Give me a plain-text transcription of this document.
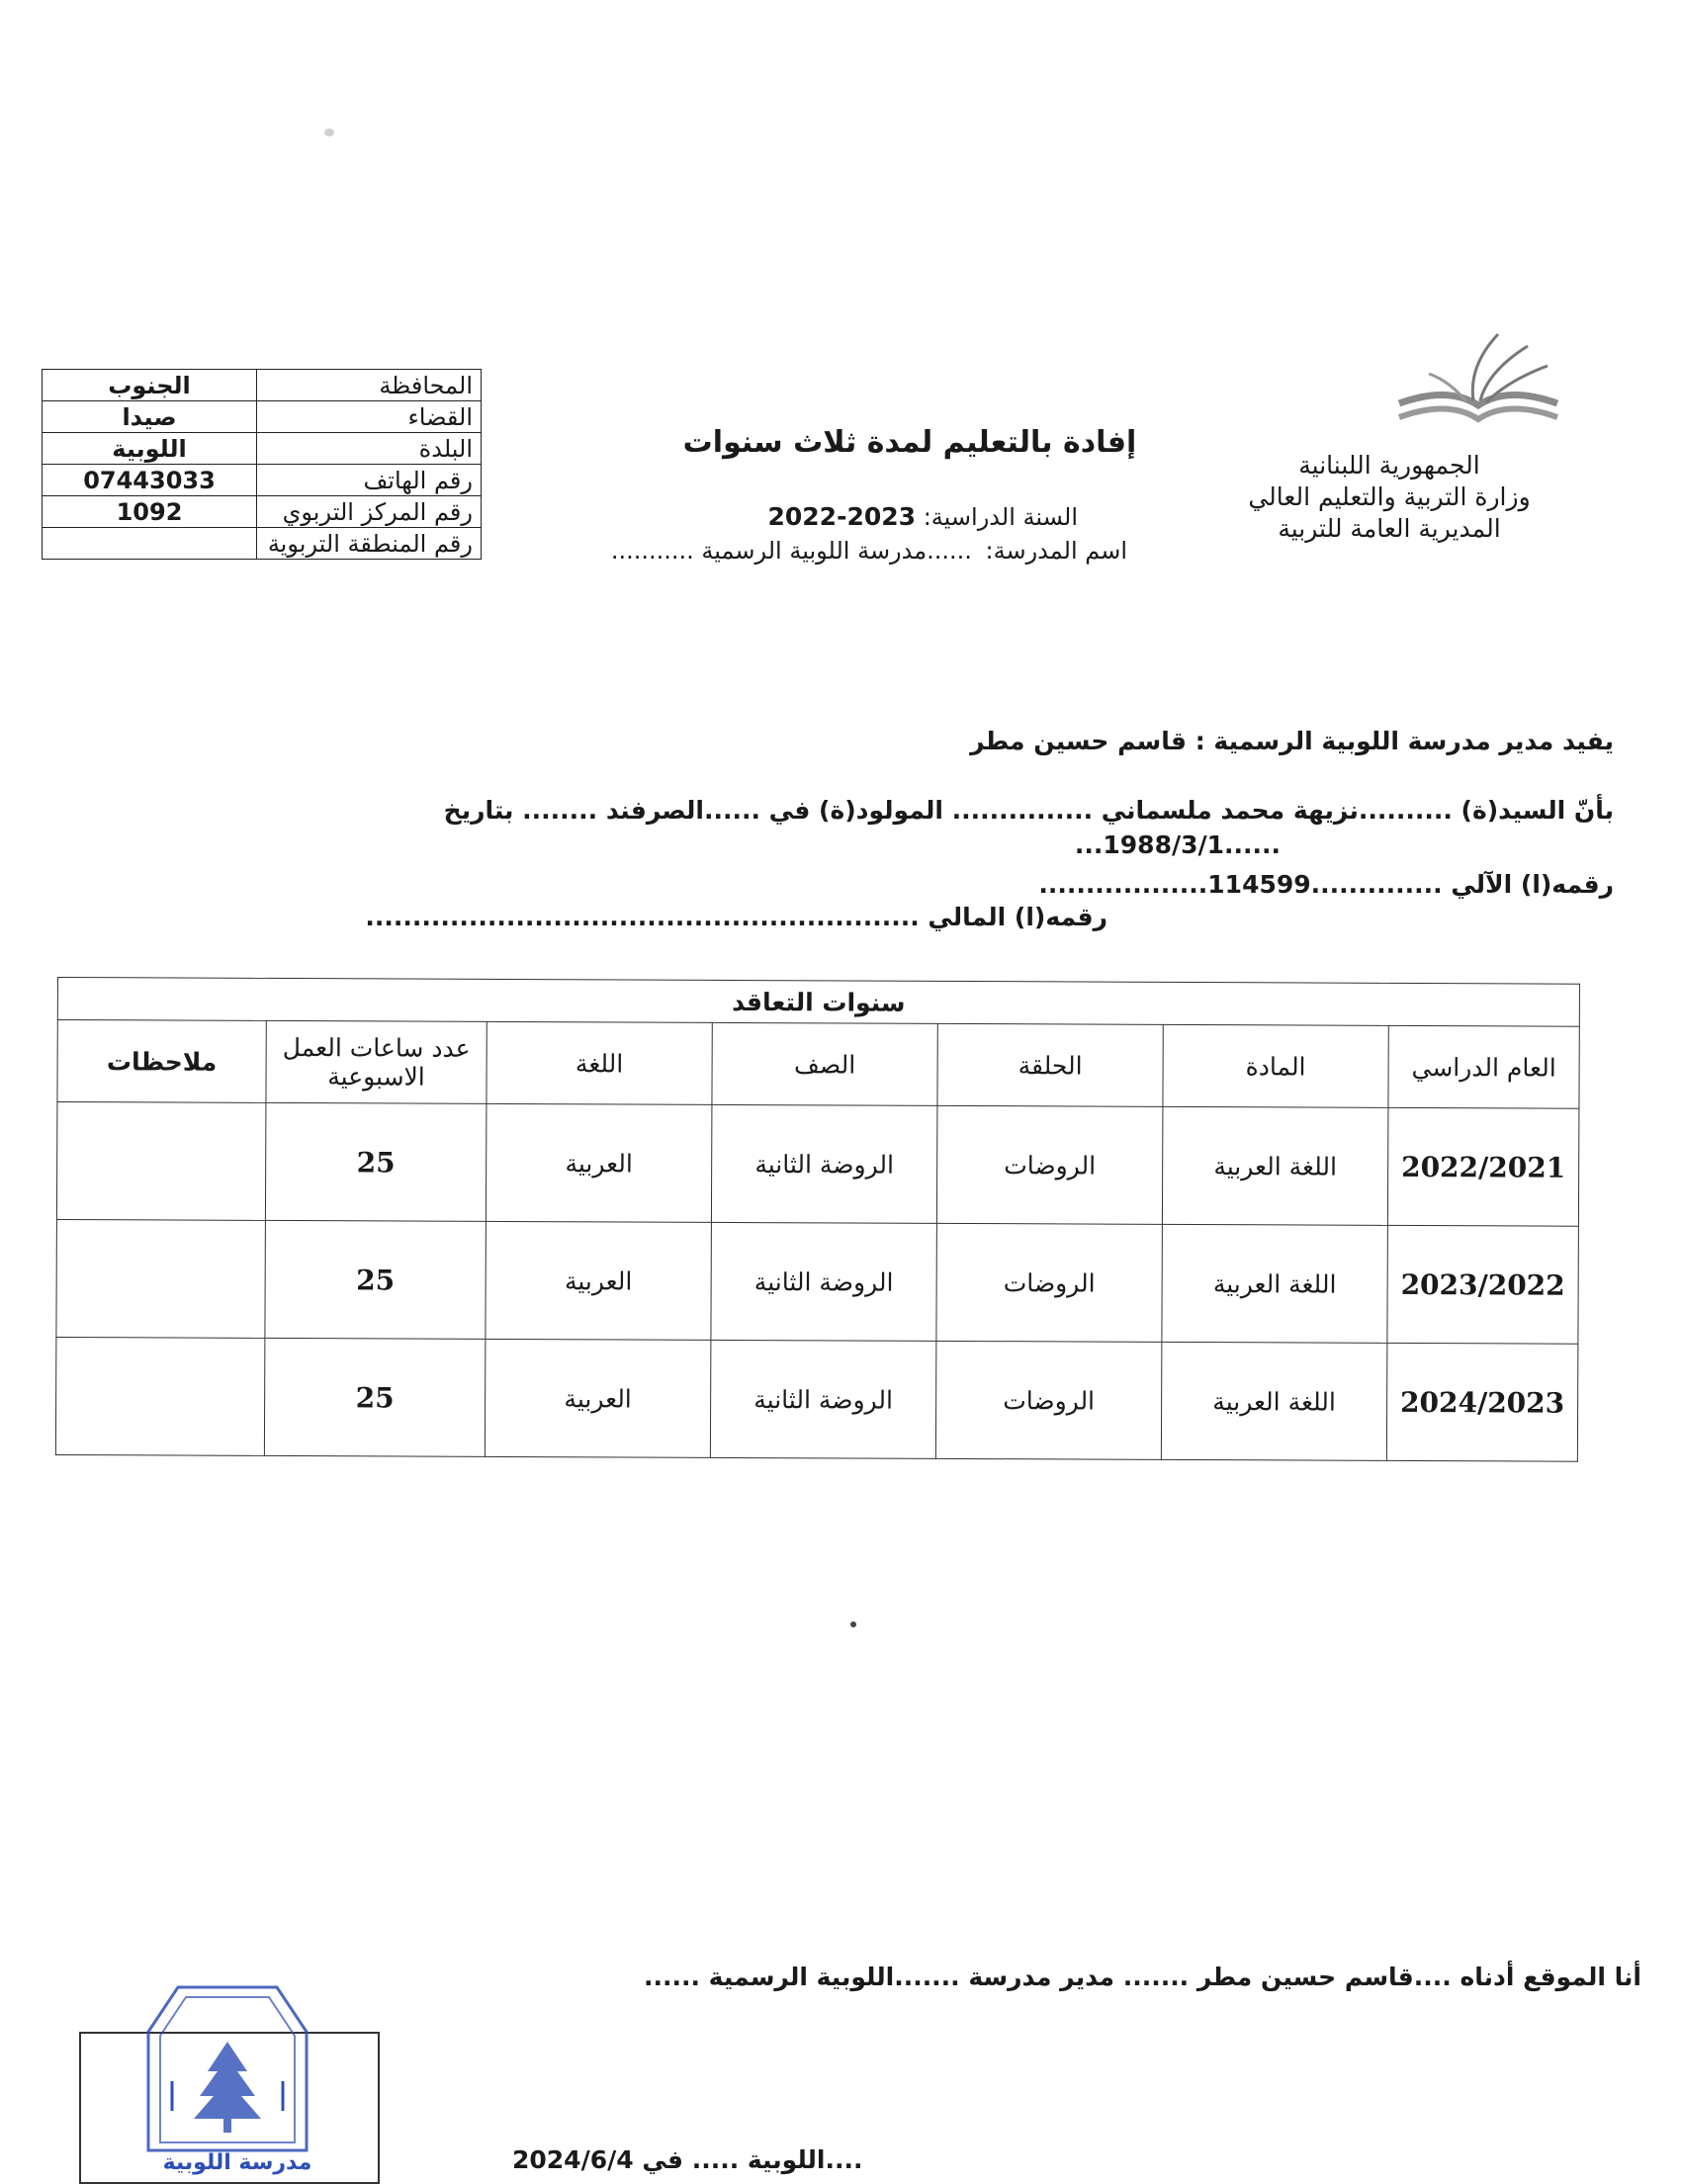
الجمهورية اللبنانية
وزارة التربية والتعليم العالي
المديرية العامة للتربية
المحافظة	الجنوب
القضاء	صيدا
البلدة	اللوبية
رقم الهاتف	07443033
رقم المركز التربوي	1092
رقم المنطقة التربوية	
إفادة بالتعليم لمدة ثلاث سنوات
السنة الدراسية: 2023-2022
اسم المدرسة: ......مدرسة اللوبية الرسمية ...........
يفيد مدير مدرسة اللوبية الرسمية : قاسم حسين مطر
بأنّ السيد(ة) ..........نزيهة محمد ملسماني ............... المولود(ة) في ......الصرفند ........ بتاريخ
...1988/3/1......
رقمه(ا) الآلي ..............114599..................
رقمه(ا) المالي ...........................................................
سنوات التعاقد						
العام الدراسي	المادة	الحلقة	الصف	اللغة	عدد ساعات العمل الاسبوعية	ملاحظات
2022/2021	اللغة العربية	الروضات	الروضة الثانية	العربية	25	
2023/2022	اللغة العربية	الروضات	الروضة الثانية	العربية	25	
2024/2023	اللغة العربية	الروضات	الروضة الثانية	العربية	25	
أنا الموقع أدناه ....قاسم حسين مطر ....... مدير مدرسة .......اللوبية الرسمية ......
....اللوبية ..... في 2024/6/4
مدرسة اللوبية
